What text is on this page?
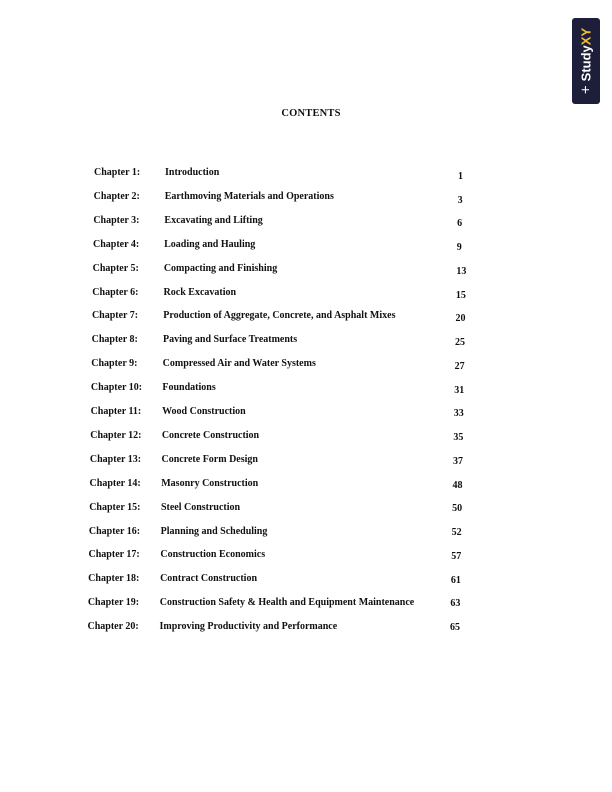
+
StudyXY
CONTENTS
Chapter 1: Introduction	1
Chapter 2: Earthmoving Materials and Operations	3
Chapter 3: Excavating and Lifting	6
Chapter 4: Loading and Hauling	9
Chapter 5:	Compacting and Finishing	13
Chapter 6:	Rock Excavation	15
Chapter 7:	Production of Aggregate, Concrete, and Asphalt Mixes	20
Chapter 8:	Paving and Surface Treatments	25
Chapter 9:	Compressed Air and Water Systems	27
Chapter 10: Foundations	31
Chapter 11: Wood Construction	33
Chapter 12: Concrete Construction	35
Chapter 13: Concrete Form Design	37
Chapter 14: Masonry Construction	48
Chapter 15: Steel Construction	50
Chapter 16: Planning and Scheduling	52
Chapter 17: Construction Economics	57
Chapter 18: Contract Construction	61
Chapter 19: Construction Safety & Health and Equipment Maintenance	63
Chapter 20: Improving Productivity and Performance	65
